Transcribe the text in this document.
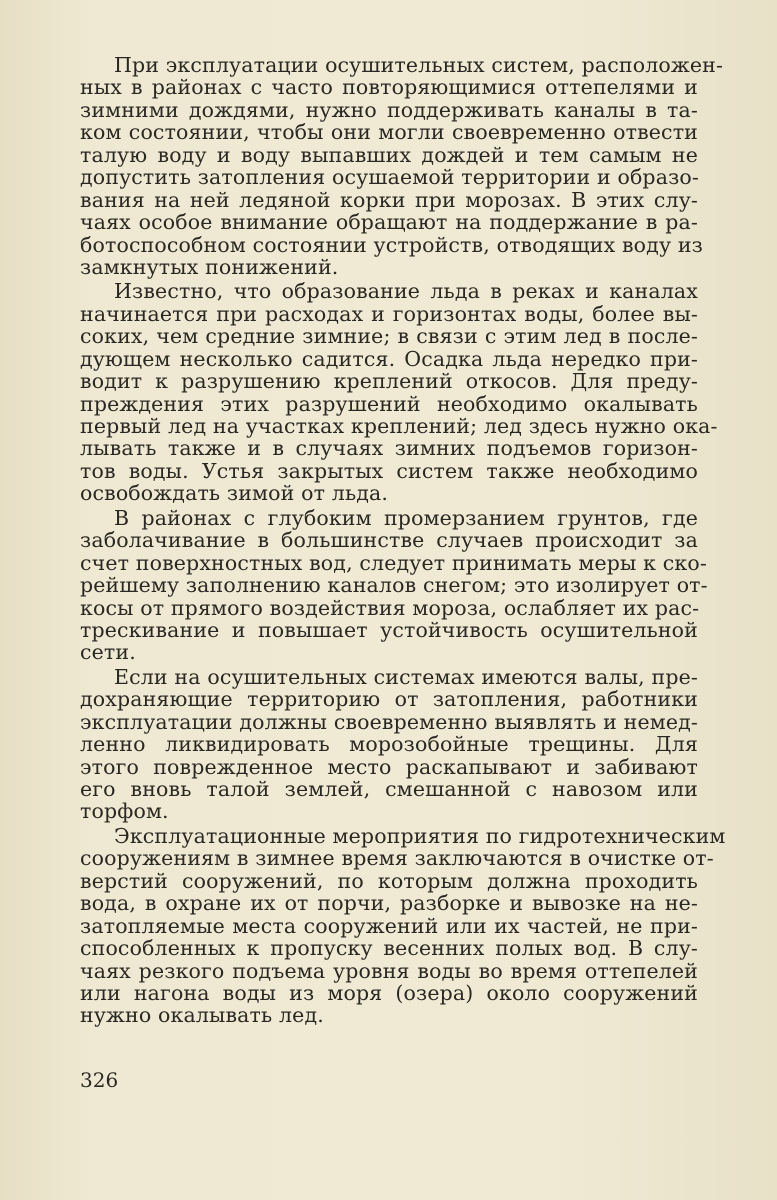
При эксплуатации осушительных систем, расположен-
ных в районах с часто повторяющимися оттепелями и
зимними дождями, нужно поддерживать каналы в та-
ком состоянии, чтобы они могли своевременно отвести
талую воду и воду выпавших дождей и тем самым не
допустить затопления осушаемой территории и образо-
вания на ней ледяной корки при морозах. В этих слу-
чаях особое внимание обращают на поддержание в ра-
ботоспособном состоянии устройств, отводящих воду из
замкнутых понижений.
Известно, что образование льда в реках и каналах
начинается при расходах и горизонтах воды, более вы-
соких, чем средние зимние; в связи с этим лед в после-
дующем несколько садится. Осадка льда нередко при-
водит к разрушению креплений откосов. Для преду-
преждения этих разрушений необходимо окалывать
первый лед на участках креплений; лед здесь нужно ока-
лывать также и в случаях зимних подъемов горизон-
тов воды. Устья закрытых систем также необходимо
освобождать зимой от льда.
В районах с глубоким промерзанием грунтов, где
заболачивание в большинстве случаев происходит за
счет поверхностных вод, следует принимать меры к ско-
рейшему заполнению каналов снегом; это изолирует от-
косы от прямого воздействия мороза, ослабляет их рас-
трескивание и повышает устойчивость осушительной
сети.
Если на осушительных системах имеются валы, пре-
дохраняющие территорию от затопления, работники
эксплуатации должны своевременно выявлять и немед-
ленно ликвидировать морозобойные трещины. Для
этого поврежденное место раскапывают и забивают
его вновь талой землей, смешанной с навозом или
торфом.
Эксплуатационные мероприятия по гидротехническим
сооружениям в зимнее время заключаются в очистке от-
верстий сооружений, по которым должна проходить
вода, в охране их от порчи, разборке и вывозке на не-
затопляемые места сооружений или их частей, не при-
способленных к пропуску весенних полых вод. В слу-
чаях резкого подъема уровня воды во время оттепелей
или нагона воды из моря (озера) около сооружений
нужно окалывать лед.
326
